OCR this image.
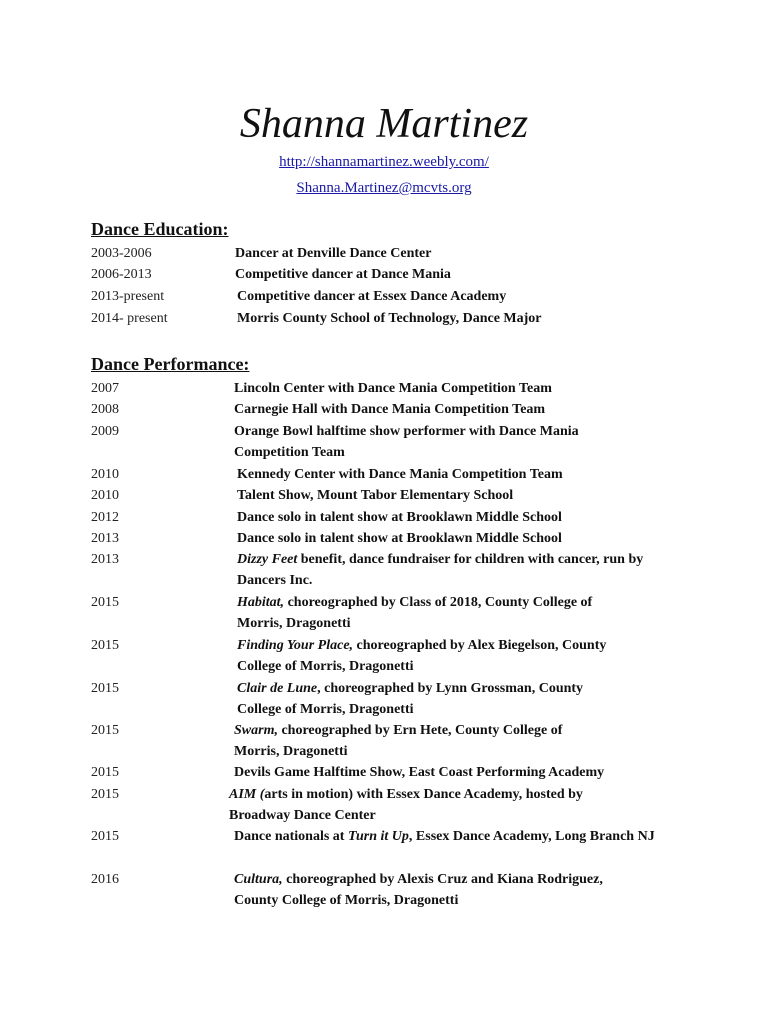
Shanna Martinez
http://shannamartinez.weebly.com/
Shanna.Martinez@mcvts.org
Dance Education:
2003-2006	Dancer at Denville Dance Center
2006-2013	Competitive dancer at Dance Mania
2013-present	Competitive dancer at Essex Dance Academy
2014- present	Morris County School of Technology, Dance Major
Dance Performance:
2007	Lincoln Center with Dance Mania Competition Team
2008	Carnegie Hall with Dance Mania Competition Team
2009	Orange Bowl halftime show performer with Dance Mania Competition Team
2010	Kennedy Center with Dance Mania Competition Team
2010	Talent Show, Mount Tabor Elementary School
2012	Dance solo in talent show at Brooklawn Middle School
2013	Dance solo in talent show at Brooklawn Middle School
2013	Dizzy Feet benefit, dance fundraiser for children with cancer, run by Dancers Inc.
2015	Habitat, choreographed by Class of 2018, County College of Morris, Dragonetti
2015	Finding Your Place, choreographed by Alex Biegelson, County College of Morris, Dragonetti
2015	Clair de Lune, choreographed by Lynn Grossman, County College of Morris, Dragonetti
2015	Swarm, choreographed by Ern Hete, County College of Morris, Dragonetti
2015	Devils Game Halftime Show, East Coast Performing Academy
2015	AIM (arts in motion) with Essex Dance Academy, hosted by Broadway Dance Center
2015	Dance nationals at Turn it Up, Essex Dance Academy, Long Branch NJ
2016	Cultura, choreographed by Alexis Cruz and Kiana Rodriguez, County College of Morris, Dragonetti
